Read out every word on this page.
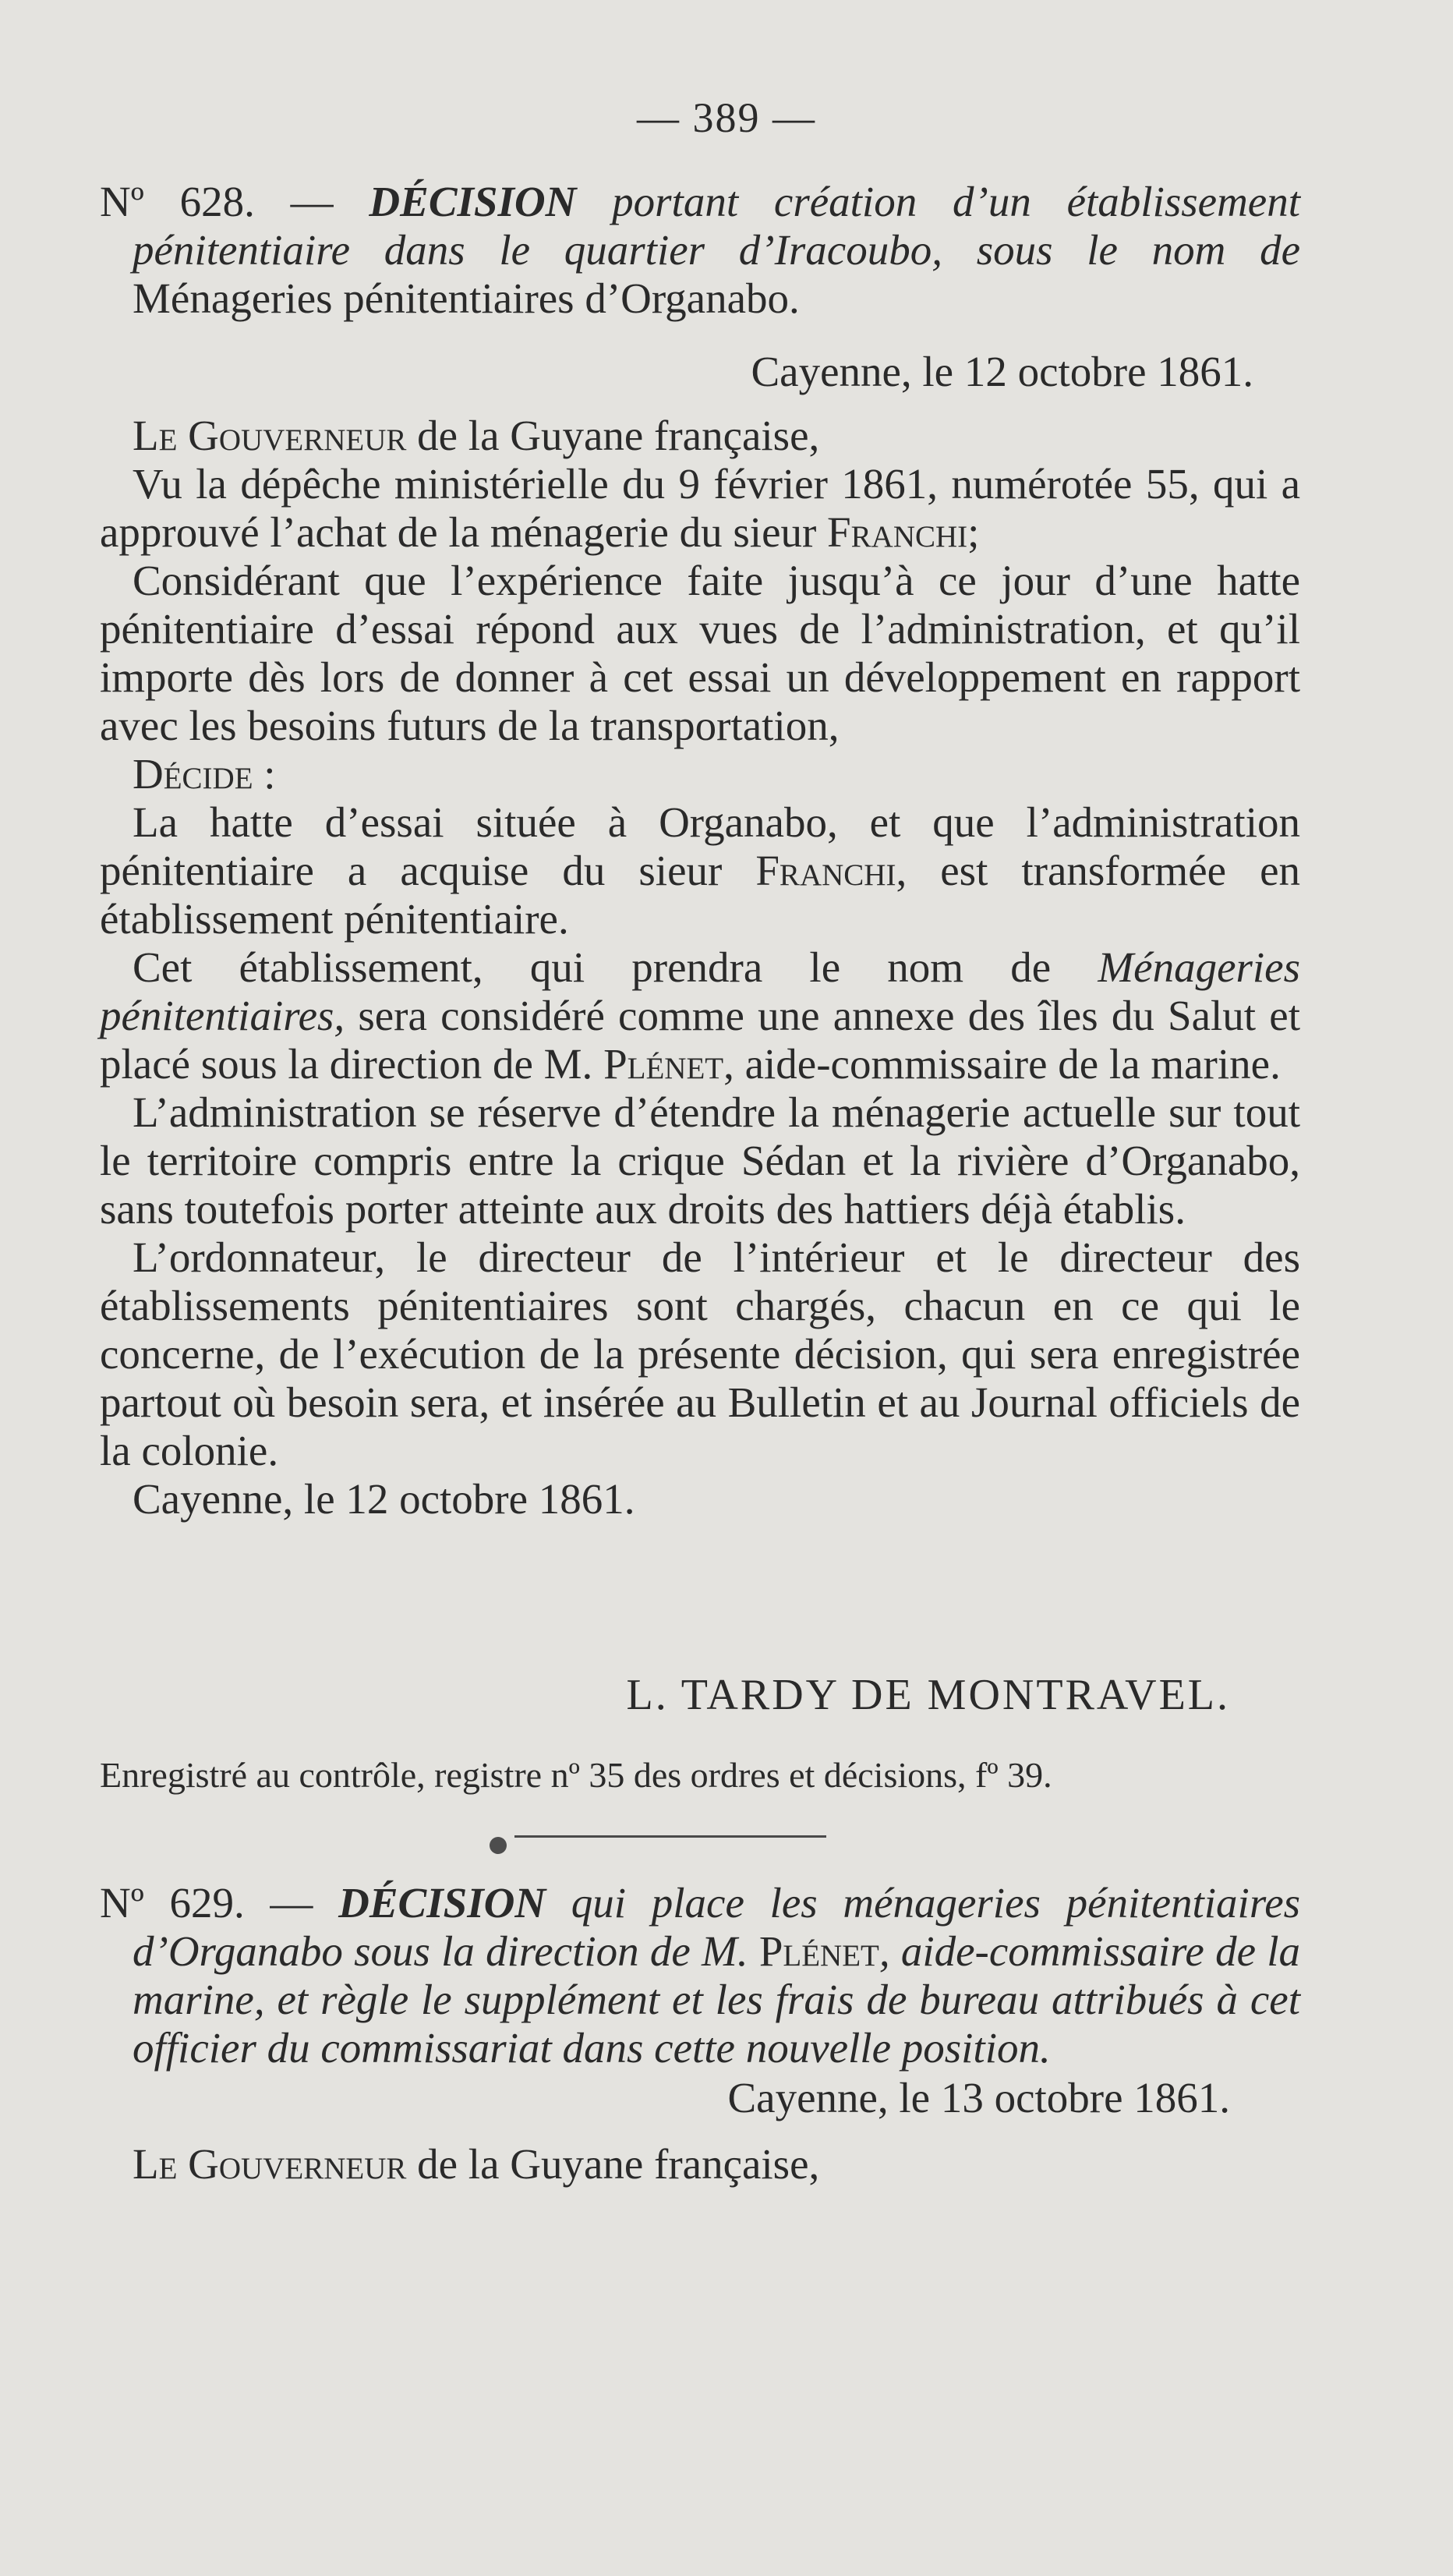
— 389 —

Nº 628. — DÉCISION portant création d’un établissement pénitentiaire dans le quartier d’Iracoubo, sous le nom de Ménageries pénitentiaires d’Organabo.

Cayenne, le 12 octobre 1861.

Le Gouverneur de la Guyane française,

Vu la dépêche ministérielle du 9 février 1861, numérotée 55, qui a approuvé l’achat de la ménagerie du sieur Franchi;

Considérant que l’expérience faite jusqu’à ce jour d’une hatte pénitentiaire d’essai répond aux vues de l’administration, et qu’il importe dès lors de donner à cet essai un développement en rapport avec les besoins futurs de la transportation,

Décide :

La hatte d’essai située à Organabo, et que l’administration pénitentiaire a acquise du sieur Franchi, est transformée en établissement pénitentiaire.

Cet établissement, qui prendra le nom de Ménageries pénitentiaires, sera considéré comme une annexe des îles du Salut et placé sous la direction de M. Plénet, aide-commissaire de la marine.

L’administration se réserve d’étendre la ménagerie actuelle sur tout le territoire compris entre la crique Sédan et la rivière d’Organabo, sans toutefois porter atteinte aux droits des hattiers déjà établis.

L’ordonnateur, le directeur de l’intérieur et le directeur des établissements pénitentiaires sont chargés, chacun en ce qui le concerne, de l’exécution de la présente décision, qui sera enregistrée partout où besoin sera, et insérée au Bulletin et au Journal officiels de la colonie.

Cayenne, le 12 octobre 1861.

L. TARDY DE MONTRAVEL.

Enregistré au contrôle, registre nº 35 des ordres et décisions, fº 39.

Nº 629. — DÉCISION qui place les ménageries pénitentiaires d’Organabo sous la direction de M. Plénet, aide-commissaire de la marine, et règle le supplément et les frais de bureau attribués à cet officier du commissariat dans cette nouvelle position.

Cayenne, le 13 octobre 1861.

Le Gouverneur de la Guyane française,
